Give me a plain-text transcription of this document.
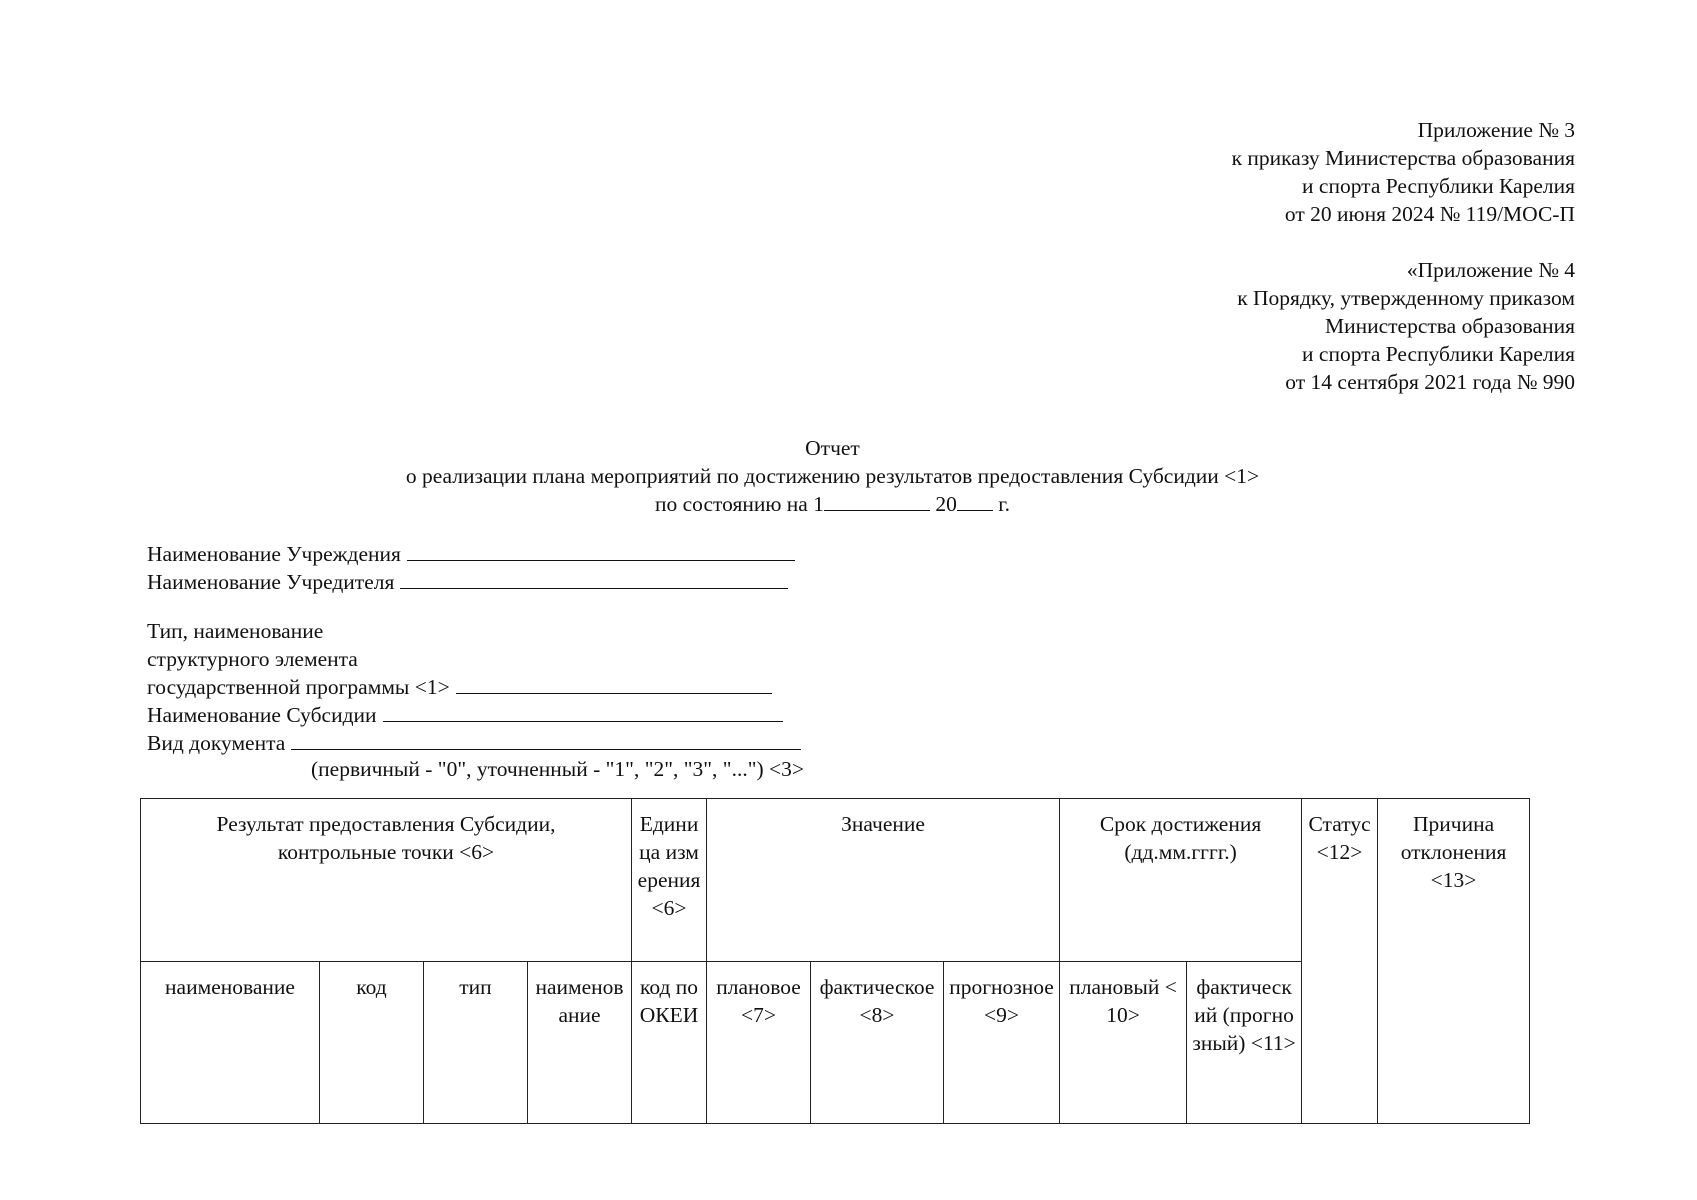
Приложение № 3
к приказу Министерства образования
и спорта Республики Карелия
от 20 июня 2024 № 119/МОС-П
«Приложение № 4
к Порядку, утвержденному приказом
Министерства образования
и спорта Республики Карелия
от 14 сентября 2021 года № 990
Отчет
о реализации плана мероприятий по достижению результатов предоставления Субсидии <1>
по состоянию на 1	20 г.
Наименование Учреждения
Наименование Учредителя
Тип, наименование
структурного элемента
государственной программы <1>
Наименование Субсидии
Вид документа
(первичный - "0", уточненный - "1", "2", "3", "...") <3>
Результат предоставления Субсидии, контрольные точки <6>				Единица измерения <6>	Значение			Срок достижения (дд.мм.гггг.)		Статус <12>	Причина отклонения <13>
наименование	код	тип	наименование	код по ОКЕИ	плановое <7>	фактическое <8>	прогнозное <9>	плановый <10>	фактический (прогнозный) <11>		
